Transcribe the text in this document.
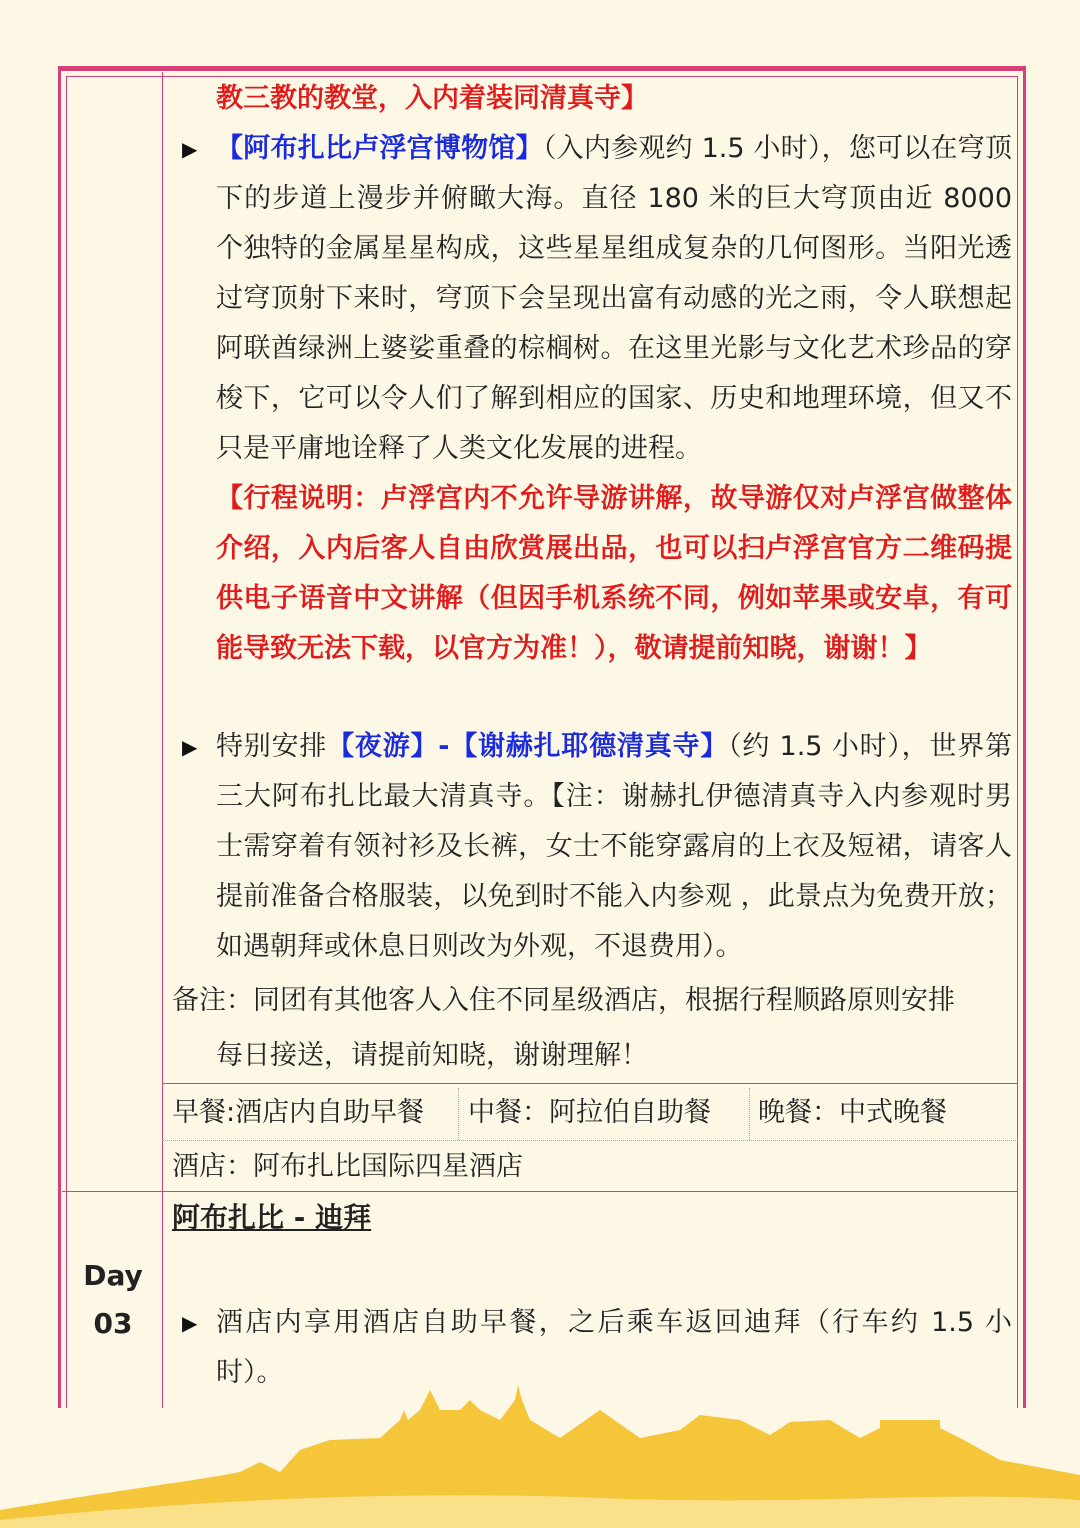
教三教的教堂，入内着装同清真寺】
▶ 【阿布扎比卢浮宫博物馆】（入内参观约 1.5 小时），您可以在穹顶下的步道上漫步并俯瞰大海。直径 180 米的巨大穹顶由近 8000 个独特的金属星星构成，这些星星组成复杂的几何图形。当阳光透过穹顶射下来时，穹顶下会呈现出富有动感的光之雨，令人联想起阿联酋绿洲上婆娑重叠的棕榈树。在这里光影与文化艺术珍品的穿梭下，它可以令人们了解到相应的国家、历史和地理环境，但又不只是平庸地诠释了人类文化发展的进程。
【行程说明：卢浮宫内不允许导游讲解，故导游仅对卢浮宫做整体介绍，入内后客人自由欣赏展出品，也可以扫卢浮宫官方二维码提供电子语音中文讲解（但因手机系统不同，例如苹果或安卓，有可能导致无法下载，以官方为准！），敬请提前知晓，谢谢！】
▶ 特别安排【夜游】-【谢赫扎耶德清真寺】（约 1.5 小时），世界第三大阿布扎比最大清真寺。【注：谢赫扎伊德清真寺入内参观时男士需穿着有领衬衫及长裤，女士不能穿露肩的上衣及短裙，请客人提前准备合格服装，以免到时不能入内参观 ，此景点为免费开放；如遇朝拜或休息日则改为外观，不退费用）。
备注：同团有其他客人入住不同星级酒店，根据行程顺路原则安排
每日接送，请提前知晓，谢谢理解！
早餐:酒店内自助早餐 中餐：阿拉伯自助餐 晚餐：中式晚餐
酒店：阿布扎比国际四星酒店
Day
03
阿布扎比 - 迪拜
▶ 酒店内享用酒店自助早餐，之后乘车返回迪拜（行车约 1.5 小时）。
